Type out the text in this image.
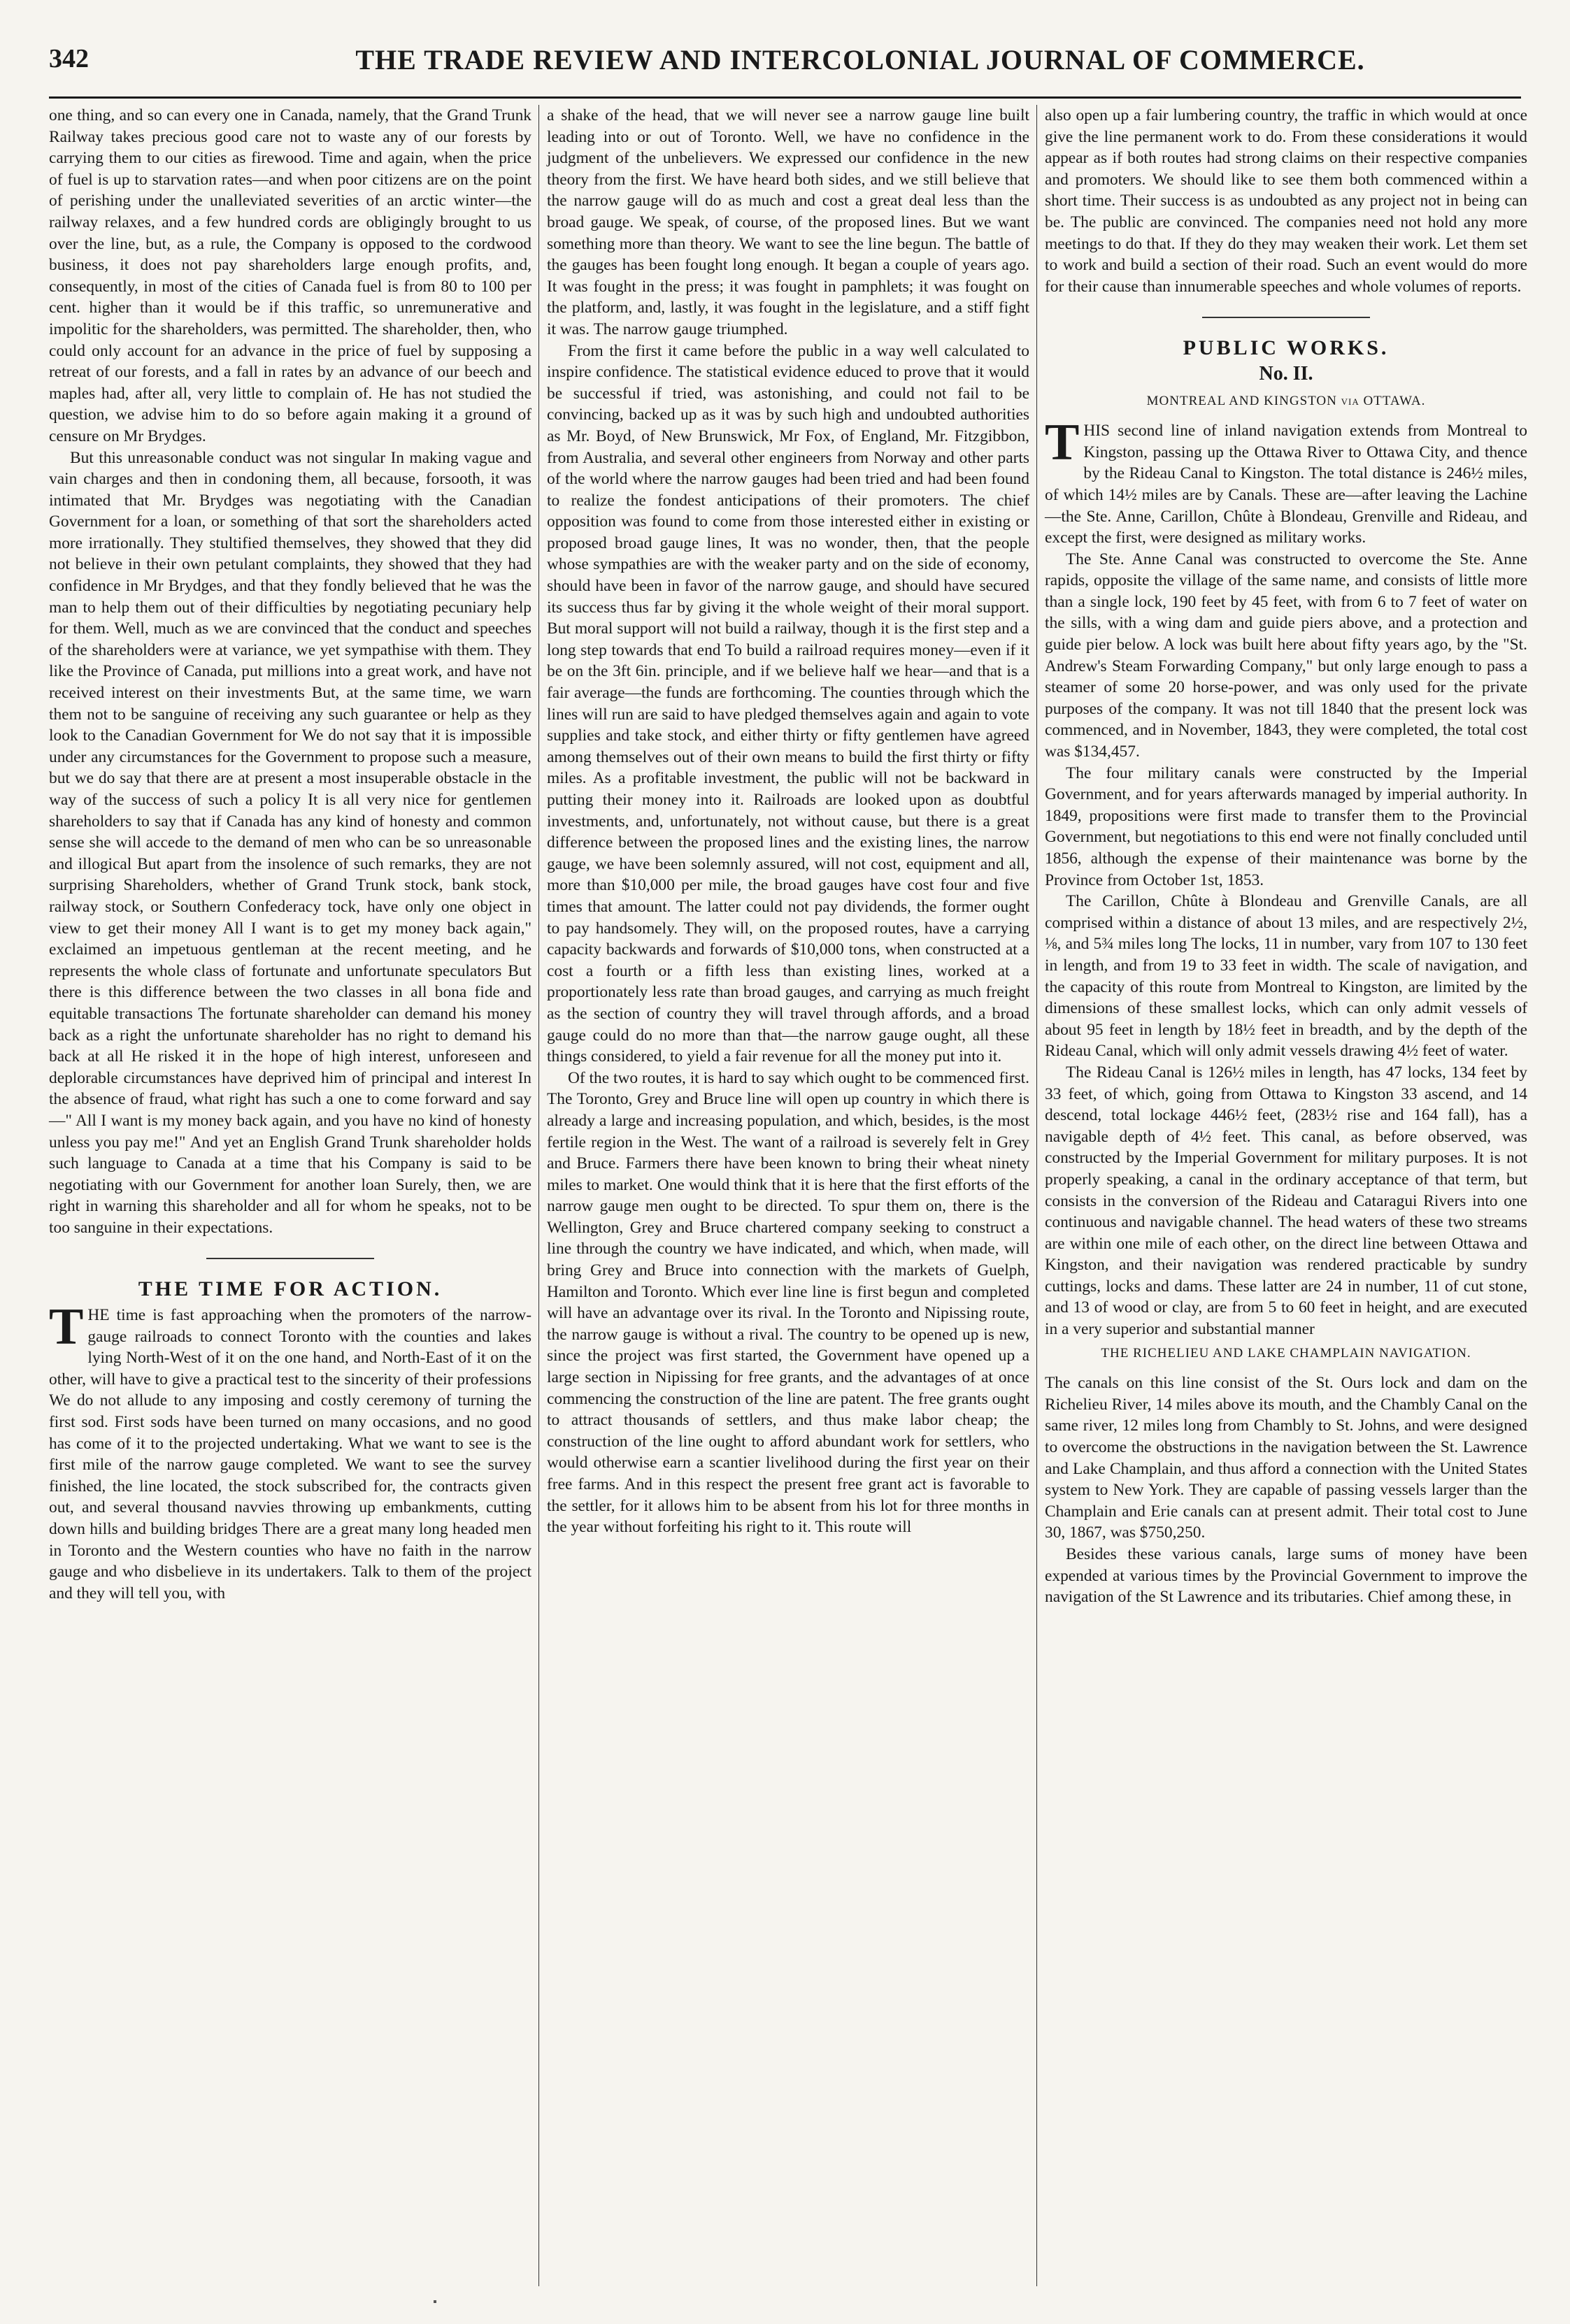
342	THE TRADE REVIEW AND INTERCOLONIAL JOURNAL OF COMMERCE.

one thing, and so can every one in Canada, namely, that the Grand Trunk Railway takes precious good care not to waste any of our forests by carrying them to our cities as firewood. Time and again, when the price of fuel is up to starvation rates—and when poor citizens are on the point of perishing under the unalleviated severities of an arctic winter—the railway relaxes, and a few hundred cords are obligingly brought to us over the line, but, as a rule, the Company is opposed to the cordwood business, it does not pay shareholders large enough profits, and, consequently, in most of the cities of Canada fuel is from 80 to 100 per cent. higher than it would be if this traffic, so unremunerative and impolitic for the shareholders, was permitted. The shareholder, then, who could only account for an advance in the price of fuel by supposing a retreat of our forests, and a fall in rates by an advance of our beech and maples had, after all, very little to complain of. He has not studied the question, we advise him to do so before again making it a ground of censure on Mr Brydges.

But this unreasonable conduct was not singular In making vague and vain charges and then in condoning them, all because, forsooth, it was intimated that Mr. Brydges was negotiating with the Canadian Government for a loan, or something of that sort the shareholders acted more irrationally. They stultified themselves, they showed that they did not believe in their own petulant complaints, they showed that they had confidence in Mr Brydges, and that they fondly believed that he was the man to help them out of their difficulties by negotiating pecuniary help for them. Well, much as we are convinced that the conduct and speeches of the shareholders were at variance, we yet sympathise with them. They like the Province of Canada, put millions into a great work, and have not received interest on their investments But, at the same time, we warn them not to be sanguine of receiving any such guarantee or help as they look to the Canadian Government for We do not say that it is impossible under any circumstances for the Government to propose such a measure, but we do say that there are at present a most insuperable obstacle in the way of the success of such a policy It is all very nice for gentlemen shareholders to say that if Canada has any kind of honesty and common sense she will accede to the demand of men who can be so unreasonable and illogical But apart from the insolence of such remarks, they are not surprising Shareholders, whether of Grand Trunk stock, bank stock, railway stock, or Southern Confederacy tock, have only one object in view to get their money All I want is to get my money back again," exclaimed an impetuous gentleman at the recent meeting, and he represents the whole class of fortunate and unfortunate speculators But there is this difference between the two classes in all bona fide and equitable transactions The fortunate shareholder can demand his money back as a right the unfortunate shareholder has no right to demand his back at all He risked it in the hope of high interest, unforeseen and deplorable circumstances have deprived him of principal and interest In the absence of fraud, what right has such a one to come forward and say—" All I want is my money back again, and you have no kind of honesty unless you pay me!" And yet an English Grand Trunk shareholder holds such language to Canada at a time that his Company is said to be negotiating with our Government for another loan Surely, then, we are right in warning this shareholder and all for whom he speaks, not to be too sanguine in their expectations.

THE TIME FOR ACTION.

THE time is fast approaching when the promoters of the narrow-gauge railroads to connect Toronto with the counties and lakes lying North-West of it on the one hand, and North-East of it on the other, will have to give a practical test to the sincerity of their professions We do not allude to any imposing and costly ceremony of turning the first sod. First sods have been turned on many occasions, and no good has come of it to the projected undertaking. What we want to see is the first mile of the narrow gauge completed. We want to see the survey finished, the line located, the stock subscribed for, the contracts given out, and several thousand navvies throwing up embankments, cutting down hills and building bridges There are a great many long headed men in Toronto and the Western counties who have no faith in the narrow gauge and who disbelieve in its undertakers. Talk to them of the project and they will tell you, with

a shake of the head, that we will never see a narrow gauge line built leading into or out of Toronto. Well, we have no confidence in the judgment of the unbelievers. We expressed our confidence in the new theory from the first. We have heard both sides, and we still believe that the narrow gauge will do as much and cost a great deal less than the broad gauge. We speak, of course, of the proposed lines. But we want something more than theory. We want to see the line begun. The battle of the gauges has been fought long enough. It began a couple of years ago. It was fought in the press; it was fought in pamphlets; it was fought on the platform, and, lastly, it was fought in the legislature, and a stiff fight it was. The narrow gauge triumphed.

From the first it came before the public in a way well calculated to inspire confidence. The statistical evidence educed to prove that it would be successful if tried, was astonishing, and could not fail to be convincing, backed up as it was by such high and undoubted authorities as Mr. Boyd, of New Brunswick, Mr Fox, of England, Mr. Fitzgibbon, from Australia, and several other engineers from Norway and other parts of the world where the narrow gauges had been tried and had been found to realize the fondest anticipations of their promoters. The chief opposition was found to come from those interested either in existing or proposed broad gauge lines, It was no wonder, then, that the people whose sympathies are with the weaker party and on the side of economy, should have been in favor of the narrow gauge, and should have secured its success thus far by giving it the whole weight of their moral support. But moral support will not build a railway, though it is the first step and a long step towards that end To build a railroad requires money—even if it be on the 3ft 6in. principle, and if we believe half we hear—and that is a fair average—the funds are forthcoming. The counties through which the lines will run are said to have pledged themselves again and again to vote supplies and take stock, and either thirty or fifty gentlemen have agreed among themselves out of their own means to build the first thirty or fifty miles. As a profitable investment, the public will not be backward in putting their money into it. Railroads are looked upon as doubtful investments, and, unfortunately, not without cause, but there is a great difference between the proposed lines and the existing lines, the narrow gauge, we have been solemnly assured, will not cost, equipment and all, more than $10,000 per mile, the broad gauges have cost four and five times that amount. The latter could not pay dividends, the former ought to pay handsomely. They will, on the proposed routes, have a carrying capacity backwards and forwards of $10,000 tons, when constructed at a cost a fourth or a fifth less than existing lines, worked at a proportionately less rate than broad gauges, and carrying as much freight as the section of country they will travel through affords, and a broad gauge could do no more than that—the narrow gauge ought, all these things considered, to yield a fair revenue for all the money put into it.

Of the two routes, it is hard to say which ought to be commenced first. The Toronto, Grey and Bruce line will open up country in which there is already a large and increasing population, and which, besides, is the most fertile region in the West. The want of a railroad is severely felt in Grey and Bruce. Farmers there have been known to bring their wheat ninety miles to market. One would think that it is here that the first efforts of the narrow gauge men ought to be directed. To spur them on, there is the Wellington, Grey and Bruce chartered company seeking to construct a line through the country we have indicated, and which, when made, will bring Grey and Bruce into connection with the markets of Guelph, Hamilton and Toronto. Which ever line line is first begun and completed will have an advantage over its rival. In the Toronto and Nipissing route, the narrow gauge is without a rival. The country to be opened up is new, since the project was first started, the Government have opened up a large section in Nipissing for free grants, and the advantages of at once commencing the construction of the line are patent. The free grants ought to attract thousands of settlers, and thus make labor cheap; the construction of the line ought to afford abundant work for settlers, who would otherwise earn a scantier livelihood during the first year on their free farms. And in this respect the present free grant act is favorable to the settler, for it allows him to be absent from his lot for three months in the year without forfeiting his right to it. This route will

also open up a fair lumbering country, the traffic in which would at once give the line permanent work to do. From these considerations it would appear as if both routes had strong claims on their respective companies and promoters. We should like to see them both commenced within a short time. Their success is as undoubted as any project not in being can be. The public are convinced. The companies need not hold any more meetings to do that. If they do they may weaken their work. Let them set to work and build a section of their road. Such an event would do more for their cause than innumerable speeches and whole volumes of reports.

PUBLIC WORKS.
No. II.
MONTREAL AND KINGSTON via OTTAWA.

THIS second line of inland navigation extends from Montreal to Kingston, passing up the Ottawa River to Ottawa City, and thence by the Rideau Canal to Kingston. The total distance is 246½ miles, of which 14½ miles are by Canals. These are—after leaving the Lachine—the Ste. Anne, Carillon, Chûte à Blondeau, Grenville and Rideau, and except the first, were designed as military works.

The Ste. Anne Canal was constructed to overcome the Ste. Anne rapids, opposite the village of the same name, and consists of little more than a single lock, 190 feet by 45 feet, with from 6 to 7 feet of water on the sills, with a wing dam and guide piers above, and a protection and guide pier below. A lock was built here about fifty years ago, by the "St. Andrew's Steam Forwarding Company," but only large enough to pass a steamer of some 20 horse-power, and was only used for the private purposes of the company. It was not till 1840 that the present lock was commenced, and in November, 1843, they were completed, the total cost was $134,457.

The four military canals were constructed by the Imperial Government, and for years afterwards managed by imperial authority. In 1849, propositions were first made to transfer them to the Provincial Government, but negotiations to this end were not finally concluded until 1856, although the expense of their maintenance was borne by the Province from October 1st, 1853.

The Carillon, Chûte à Blondeau and Grenville Canals, are all comprised within a distance of about 13 miles, and are respectively 2½, ⅛, and 5¾ miles long The locks, 11 in number, vary from 107 to 130 feet in length, and from 19 to 33 feet in width. The scale of navigation, and the capacity of this route from Montreal to Kingston, are limited by the dimensions of these smallest locks, which can only admit vessels of about 95 feet in length by 18½ feet in breadth, and by the depth of the Rideau Canal, which will only admit vessels drawing 4½ feet of water.

The Rideau Canal is 126½ miles in length, has 47 locks, 134 feet by 33 feet, of which, going from Ottawa to Kingston 33 ascend, and 14 descend, total lockage 446½ feet, (283½ rise and 164 fall), has a navigable depth of 4½ feet. This canal, as before observed, was constructed by the Imperial Government for military purposes. It is not properly speaking, a canal in the ordinary acceptance of that term, but consists in the conversion of the Rideau and Cataragui Rivers into one continuous and navigable channel. The head waters of these two streams are within one mile of each other, on the direct line between Ottawa and Kingston, and their navigation was rendered practicable by sundry cuttings, locks and dams. These latter are 24 in number, 11 of cut stone, and 13 of wood or clay, are from 5 to 60 feet in height, and are executed in a very superior and substantial manner

THE RICHELIEU AND LAKE CHAMPLAIN NAVIGATION.

The canals on this line consist of the St. Ours lock and dam on the Richelieu River, 14 miles above its mouth, and the Chambly Canal on the same river, 12 miles long from Chambly to St. Johns, and were designed to overcome the obstructions in the navigation between the St. Lawrence and Lake Champlain, and thus afford a connection with the United States system to New York. They are capable of passing vessels larger than the Champlain and Erie canals can at present admit. Their total cost to June 30, 1867, was $750,250.

Besides these various canals, large sums of money have been expended at various times by the Provincial Government to improve the navigation of the St Lawrence and its tributaries. Chief among these, in
